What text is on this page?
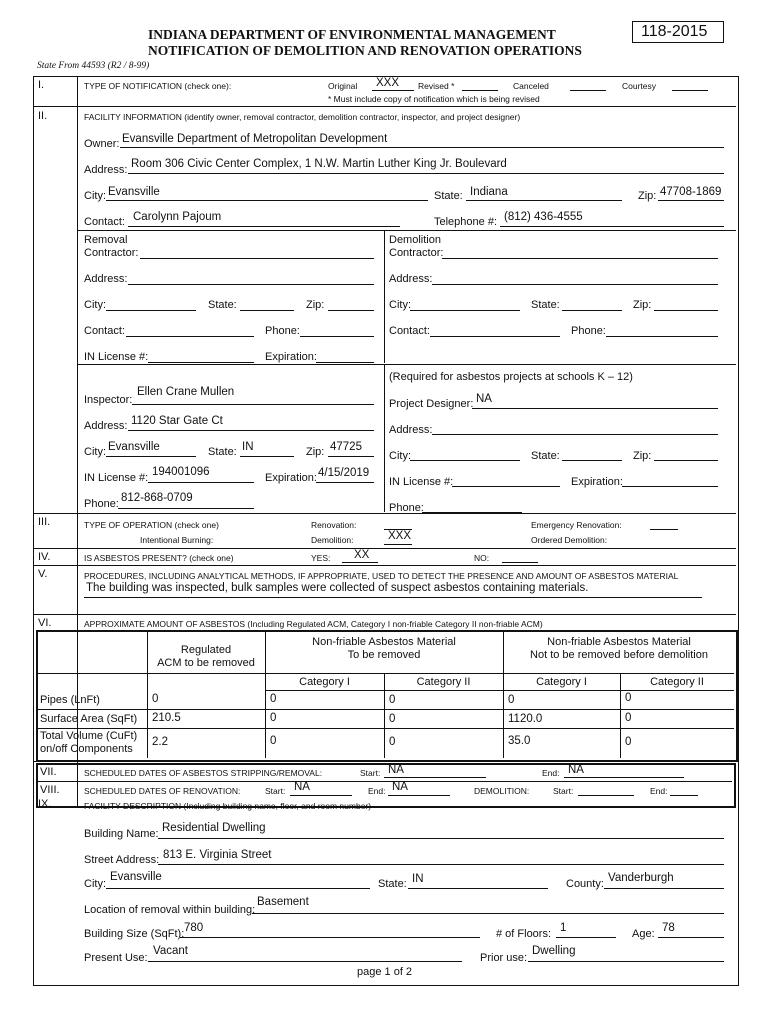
INDIANA DEPARTMENT OF ENVIRONMENTAL MANAGEMENT
NOTIFICATION OF DEMOLITION AND RENOVATION OPERATIONS
118-2015
State From 44593 (R2 / 8-99)
I.	TYPE OF NOTIFICATION (check one):	Original XXX Revised *	Canceled	Courtesy
* Must include copy of notification which is being revised
II.	FACILITY INFORMATION (identify owner, removal contractor, demolition contractor, inspector, and project designer)
Owner: Evansville Department of Metropolitan Development
Address: Room 306 Civic Center Complex, 1 N.W. Martin Luther King Jr. Boulevard
City: Evansville	State: Indiana	Zip: 47708-1869
Contact: Carolynn Pajoum	Telephone #: (812) 436-4555
Removal
Contractor:
Address:
City:	State:	Zip:
Contact:	Phone:
IN License #:	Expiration:
Demolition
Contractor:
Address:
City:	State:	Zip:
Contact:	Phone:
Inspector:
Ellen Crane Mullen
Address: 1120 Star Gate Ct
City: Evansville	State: IN	Zip: 47725
IN License #: 194001096	Expiration: 4/15/2019
Phone: 812-868-0709
(Required for asbestos projects at schools K – 12)
Project Designer: NA
Address:
City:	State:	Zip:
IN License #:	Expiration:
Phone:
III.	TYPE OF OPERATION (check one)
Intentional Burning:
Renovation:
Demolition:	XXX
Emergency Renovation:
Ordered Demolition:
IV.	IS ASBESTOS PRESENT? (check one)	YES: XX	NO:
V.	PROCEDURES, INCLUDING ANALYTICAL METHODS, IF APPROPRIATE, USED TO DETECT THE PRESENCE AND AMOUNT OF ASBESTOS MATERIAL
The building was inspected, bulk samples were collected of suspect asbestos containing materials.
VI.	APPROXIMATE AMOUNT OF ASBESTOS (Including Regulated ACM, Category I non-friable Category II non-friable ACM)
Regulated
ACM to be removed
Non-friable Asbestos Material
To be removed
Non-friable Asbestos Material
Not to be removed before demolition
Category I	Category II	Category I	Category II
Pipes (LnFt)	0	0	0	0	0
Surface Area (SqFt) 210.5	0	0	1120.0	0
Total Volume (CuFt)
on/off Components
2.2	0	0	35.0	0
VII.	SCHEDULED DATES OF ASBESTOS STRIPPING/REMOVAL:	Start: NA	End: NA
VIII.	SCHEDULED DATES OF RENOVATION:	Start: NA	End: NA	DEMOLITION:	Start:	End:
IX.	FACILITY DESCRIPTION (Including building name, floor, and room number)
Building Name: Residential Dwelling
Street Address: 813 E. Virginia Street
City:
Evansville
State: IN	County: Vanderburgh
Location of removal within building:
Basement
Building Size (SqFt): 780	# of Floors: 1	Age: 78
Present Use:
Vacant
Prior use:
Dwelling
page 1 of 2
